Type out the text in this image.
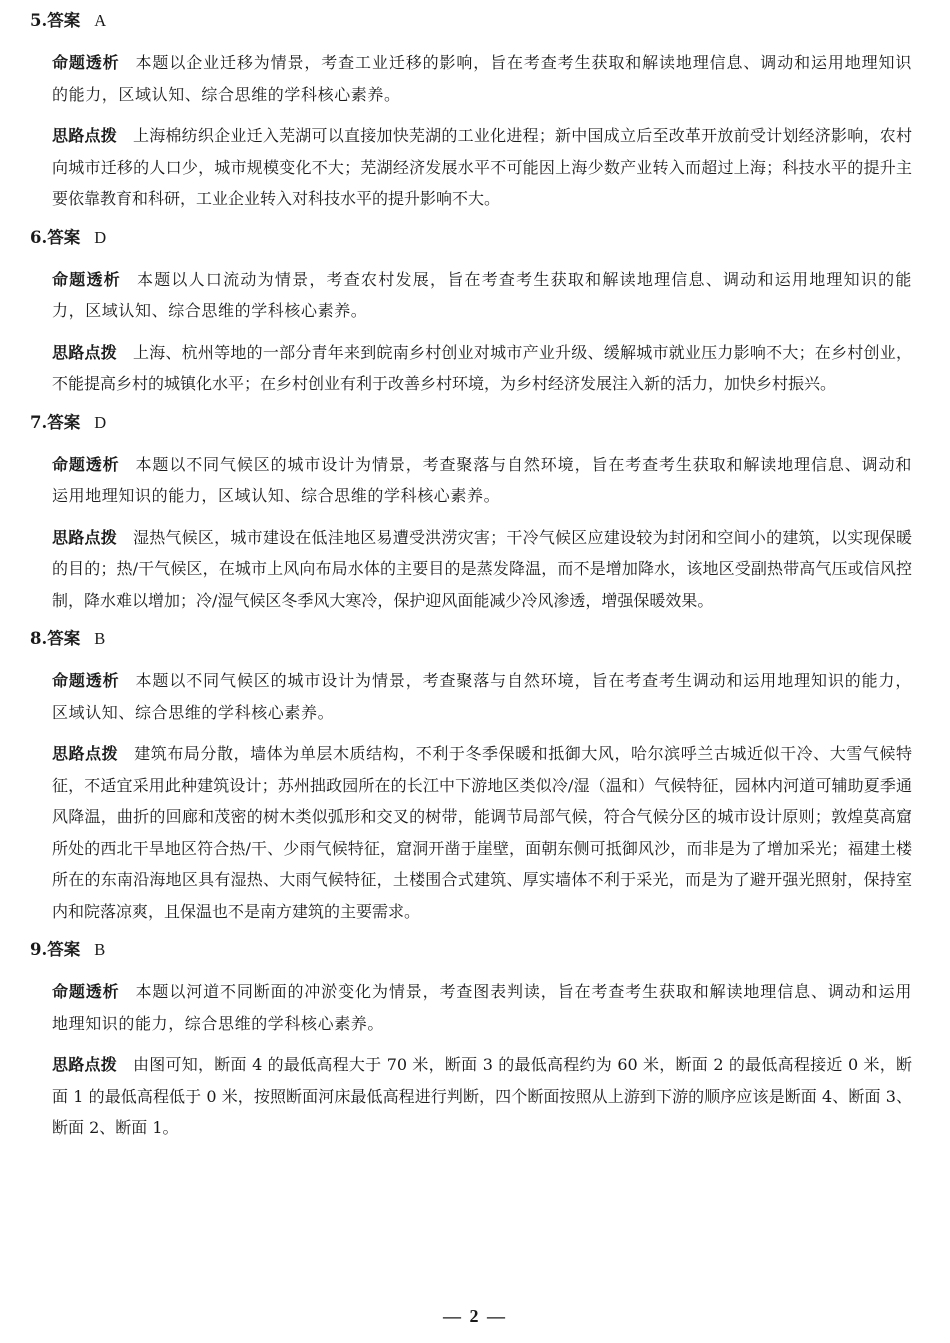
5.答案 A

命题透析 本题以企业迁移为情景，考查工业迁移的影响，旨在考查考生获取和解读地理信息、调动和运用地理知识的能力，区域认知、综合思维的学科核心素养。

思路点拨 上海棉纺织企业迁入芜湖可以直接加快芜湖的工业化进程；新中国成立后至改革开放前受计划经济影响，农村向城市迁移的人口少，城市规模变化不大；芜湖经济发展水平不可能因上海少数产业转入而超过上海；科技水平的提升主要依靠教育和科研，工业企业转入对科技水平的提升影响不大。

6.答案 D

命题透析 本题以人口流动为情景，考查农村发展，旨在考查考生获取和解读地理信息、调动和运用地理知识的能力，区域认知、综合思维的学科核心素养。

思路点拨 上海、杭州等地的一部分青年来到皖南乡村创业对城市产业升级、缓解城市就业压力影响不大；在乡村创业，不能提高乡村的城镇化水平；在乡村创业有利于改善乡村环境，为乡村经济发展注入新的活力，加快乡村振兴。

7.答案 D

命题透析 本题以不同气候区的城市设计为情景，考查聚落与自然环境，旨在考查考生获取和解读地理信息、调动和运用地理知识的能力，区域认知、综合思维的学科核心素养。

思路点拨 湿热气候区，城市建设在低洼地区易遭受洪涝灾害；干冷气候区应建设较为封闭和空间小的建筑，以实现保暖的目的；热/干气候区，在城市上风向布局水体的主要目的是蒸发降温，而不是增加降水，该地区受副热带高气压或信风控制，降水难以增加；冷/湿气候区冬季风大寒冷，保护迎风面能减少冷风渗透，增强保暖效果。

8.答案 B

命题透析 本题以不同气候区的城市设计为情景，考查聚落与自然环境，旨在考查考生调动和运用地理知识的能力，区域认知、综合思维的学科核心素养。

思路点拨 建筑布局分散，墙体为单层木质结构，不利于冬季保暖和抵御大风，哈尔滨呼兰古城近似干冷、大雪气候特征，不适宜采用此种建筑设计；苏州拙政园所在的长江中下游地区类似冷/湿（温和）气候特征，园林内河道可辅助夏季通风降温，曲折的回廊和茂密的树木类似弧形和交叉的树带，能调节局部气候，符合气候分区的城市设计原则；敦煌莫高窟所处的西北干旱地区符合热/干、少雨气候特征，窟洞开凿于崖壁，面朝东侧可抵御风沙，而非是为了增加采光；福建土楼所在的东南沿海地区具有湿热、大雨气候特征，土楼围合式建筑、厚实墙体不利于采光，而是为了避开强光照射，保持室内和院落凉爽，且保温也不是南方建筑的主要需求。

9.答案 B

命题透析 本题以河道不同断面的冲淤变化为情景，考查图表判读，旨在考查考生获取和解读地理信息、调动和运用地理知识的能力，综合思维的学科核心素养。

思路点拨 由图可知，断面 4 的最低高程大于 70 米，断面 3 的最低高程约为 60 米，断面 2 的最低高程接近 0 米，断面 1 的最低高程低于 0 米，按照断面河床最低高程进行判断，四个断面按照从上游到下游的顺序应该是断面 4、断面 3、断面 2、断面 1。

— 2 —
